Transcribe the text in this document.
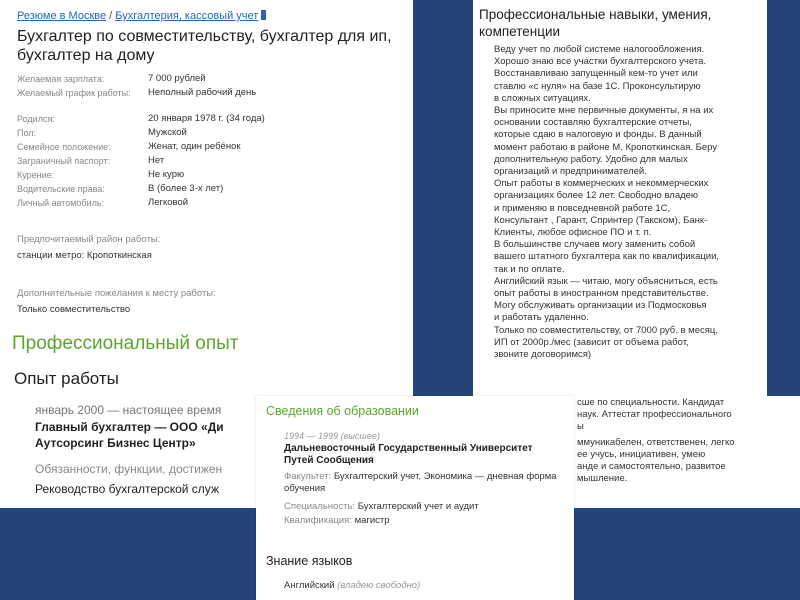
Резюме в Москве / Бухгалтерия, кассовый учет
Бухгалтер по совместительству, бухгалтер для ип, бухгалтер на дому
Желаемая зарплата:	7 000 рублей
Желаемый график работы: Неполный рабочий день
Родился:	20 января 1978 г. (34 года)
Пол:	Мужской
Семейное положение:	Женат, один ребёнок
Заграничный паспорт:	Нет
Курение:	Не курю
Водительские права:	В (более 3-х лет)
Личный автомобиль:	Легковой
Предпочитаемый район работы:
станции метро: Кропоткинская
Дополнительные пожелания к месту работы:
Только совместительство
Профессиональный опыт
Опыт работы
январь 2000 — настоящее время
Главный бухгалтер — ООО «Ди
Аутсорсинг Бизнес Центр»
Обязанности, функции, достижен
Реководство бухгалтерской служ
Профессиональные навыки, умения, компетенции
Веду учет по любой системе налогообложения.
Хорошо знаю все участки бухгалтерского учета.
Восстанавливаю запущенный кем-то учет или
ставлю «с нуля» на базе 1С. Проконсультирую
в сложных ситуациях.
Вы приносите мне первичные документы, я на их
основании составляю бухгалтерские отчеты,
которые сдаю в налоговую и фонды. В данный
момент работаю в районе М. Кропоткинская. Беру
дополнительную работу. Удобно для малых
организаций и предпринимателей.
Опыт работы в коммерческих и некоммерческих
организациях более 12 лет. Свободно владею
и применяю в повседневной работе 1С,
Консультант , Гарант, Спринтер (Такском), Банк-
Клиенты, любое офисное ПО и т. п.
В большинстве случаев могу заменить собой
вашего штатного бухгалтера как по квалификации,
так и по оплате.
Английский язык — читаю, могу объясниться, есть
опыт работы в иностранном представительстве.
Могу обслуживать организации из Подмосковья
и работать удаленно.
Только по совместительству, от 7000 руб. в месяц,
ИП от 2000р./мес (зависит от объема работ,
звоните договоримся)
сше по специальности. Кандидат
наук. Аттестат профессионального
ы
ммуникабелен, ответственен, легко
ее учусь, инициативен, умею
анде и самостоятельно, развитое
мышление.
Сведения об образовании
1994 — 1999 (высшее)
Дальневосточный Государственный Университет Путей Сообщения
Факультет: Бухгалтерский учет, Экономика — дневная форма обучения
Специальность: Бухгалтерский учет и аудит
Квалификация: магистр
Знание языков
Английский (владею свободно)
